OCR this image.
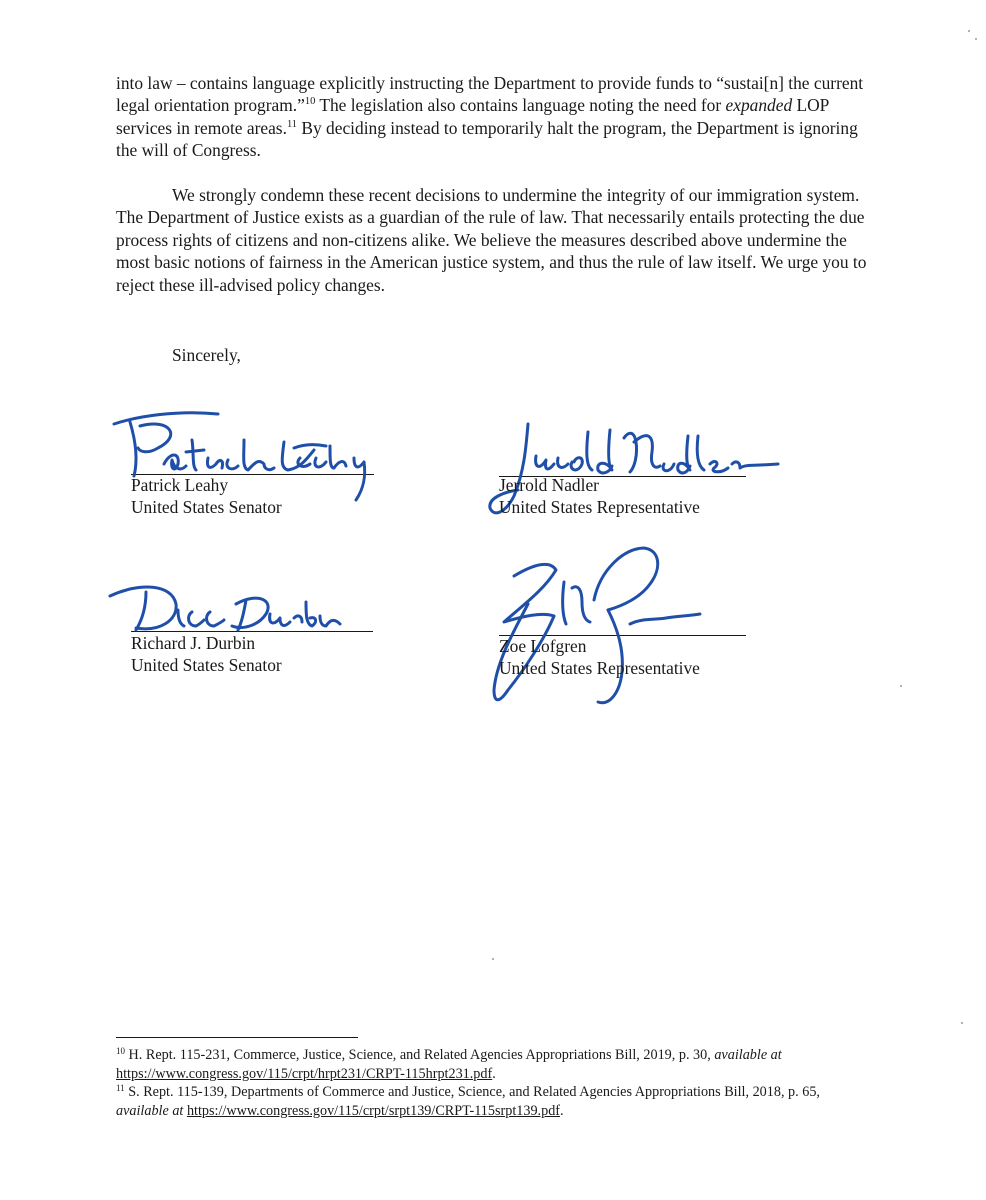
into law – contains language explicitly instructing the Department to provide funds to “sustai[n] the current legal orientation program.”$^{10}$ The legislation also contains language noting the need for expanded LOP services in remote areas.$^{11}$ By deciding instead to temporarily halt the program, the Department is ignoring the will of Congress.

We strongly condemn these recent decisions to undermine the integrity of our immigration system. The Department of Justice exists as a guardian of the rule of law. That necessarily entails protecting the due process rights of citizens and non-citizens alike. We believe the measures described above undermine the most basic notions of fairness in the American justice system, and thus the rule of law itself. We urge you to reject these ill-advised policy changes.

Sincerely,
Patrick Leahy
United States Senator
Jerrold Nadler
United States Representative
Richard J. Durbin
United States Senator
Zoe Lofgren
United States Representative

$^{10}$ H. Rept. 115-231, Commerce, Justice, Science, and Related Agencies Appropriations Bill, 2019, p. 30, available at https://www.congress.gov/115/crpt/hrpt231/CRPT-115hrpt231.pdf.

$^{11}$ S. Rept. 115-139, Departments of Commerce and Justice, Science, and Related Agencies Appropriations Bill, 2018, p. 65, available at https://www.congress.gov/115/crpt/srpt139/CRPT-115srpt139.pdf.
